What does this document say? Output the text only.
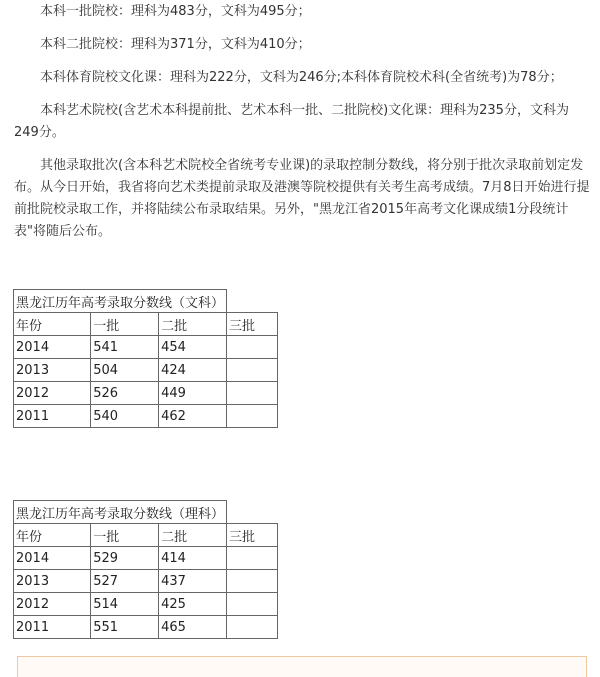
本科一批院校：理科为483分，文科为495分；

本科二批院校：理科为371分，文科为410分；

本科体育院校文化课：理科为222分，文科为246分;本科体育院校术科(全省统考)为78分；

本科艺术院校(含艺术本科提前批、艺术本科一批、二批院校)文化课：理科为235分，文科为249分。

其他录取批次(含本科艺术院校全省统考专业课)的录取控制分数线，将分别于批次录取前划定发布。从今日开始，我省将向艺术类提前录取及港澳等院校提供有关考生高考成绩。7月8日开始进行提前批院校录取工作，并将陆续公布录取结果。另外，"黑龙江省2015年高考文化课成绩1分段统计表"将随后公布。

黑龙江历年高考录取分数线（文科）			
年份	一批	二批	三批
2014	541	454	
2013	504	424	
2012	526	449	
2011	540	462	
黑龙江历年高考录取分数线（理科）			
年份	一批	二批	三批
2014	529	414	
2013	527	437	
2012	514	425	
2011	551	465	
